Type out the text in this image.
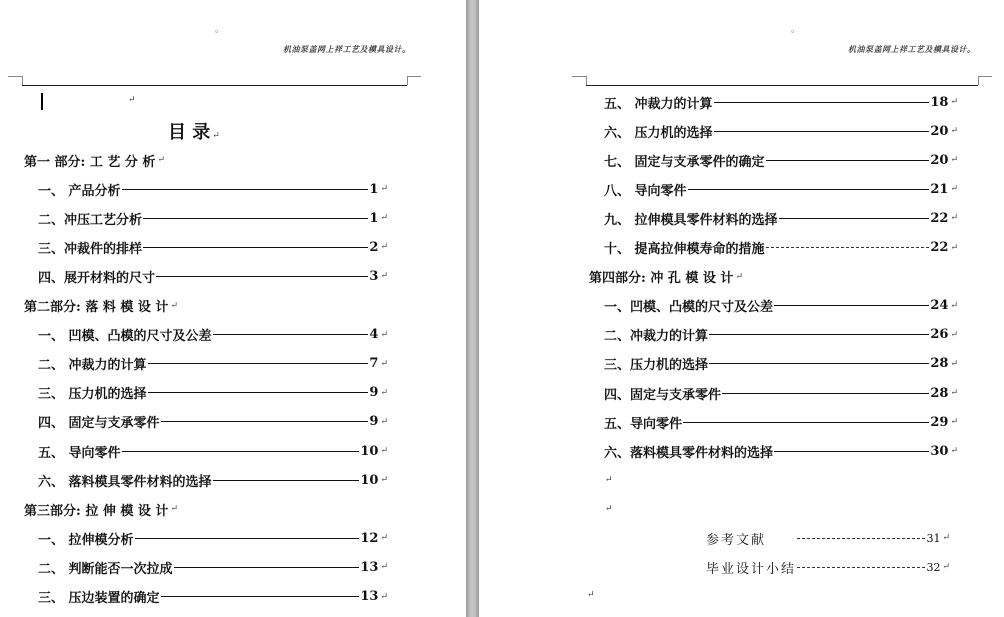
。
机油泵盖网上祥工艺及模具设计。
↵
目 录 ↵
第一 部分: 工 艺 分 析 ↵
一、 产品分析	1 ↵
二、冲压工艺分析	1 ↵
三、冲裁件的排样	2 ↵
四、展开材料的尺寸	3 ↵
第二部分: 落 料 模 设 计 ↵
一、 凹模、凸模的尺寸及公差	4 ↵
二、 冲裁力的计算	7 ↵
三、 压力机的选择	9 ↵
四、 固定与支承零件	9 ↵
五、 导向零件	10 ↵
六、 落料模具零件材料的选择	10 ↵
第三部分: 拉 伸 模 设 计 ↵
一、 拉伸模分析	12 ↵
二、 判断能否一次拉成	13 ↵
三、 压边装置的确定	13 ↵
。
机油泵盖网上祥工艺及模具设计。
五、 冲裁力的计算	18 ↵
六、 压力机的选择	20 ↵
七、 固定与支承零件的确定	20 ↵
八、 导向零件	21 ↵
九、 拉伸模具零件材料的选择	22 ↵
十、 提高拉伸模寿命的措施	22 ↵
第四部分: 冲 孔 模 设 计 ↵
一、凹模、凸模的尺寸及公差	24 ↵
二、冲裁力的计算	26 ↵
三、压力机的选择	28 ↵
四、固定与支承零件	28 ↵
五、导向零件	29 ↵
六、落料模具零件材料的选择	30 ↵
↵
↵
参考文献	31 ↵
毕业设计小结	32 ↵
↵
